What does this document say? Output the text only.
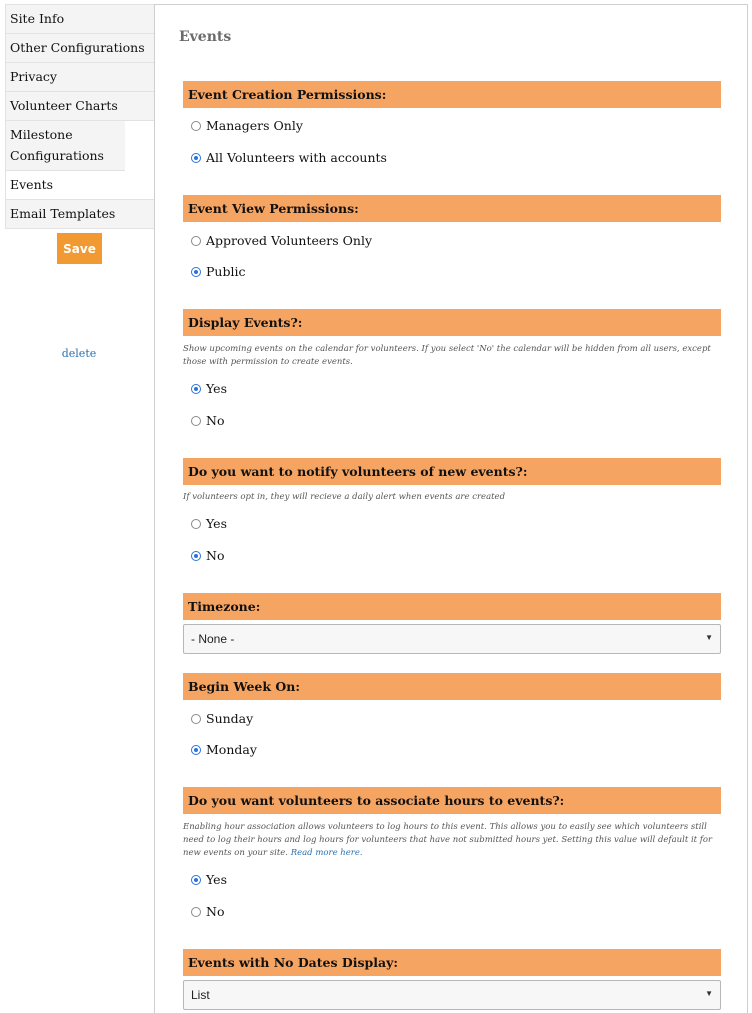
Site Info
Other Configurations
Privacy
Volunteer Charts
Milestone Configurations
Events
Email Templates
Save
delete
Events
Event Creation Permissions:
Managers Only
All Volunteers with accounts
Event View Permissions:
Approved Volunteers Only
Public
Display Events?:
Show upcoming events on the calendar for volunteers. If you select 'No' the calendar will be hidden from all users, except those with permission to create events.
Yes
No
Do you want to notify volunteers of new events?:
If volunteers opt in, they will recieve a daily alert when events are created
Yes
No
Timezone:
- None -	▼
Begin Week On:
Sunday
Monday
Do you want volunteers to associate hours to events?:
Enabling hour association allows volunteers to log hours to this event. This allows you to easily see which volunteers still need to log their hours and log hours for volunteers that have not submitted hours yet. Setting this value will default it for new events on your site. Read more here.
Yes
No
Events with No Dates Display:
List	▼
